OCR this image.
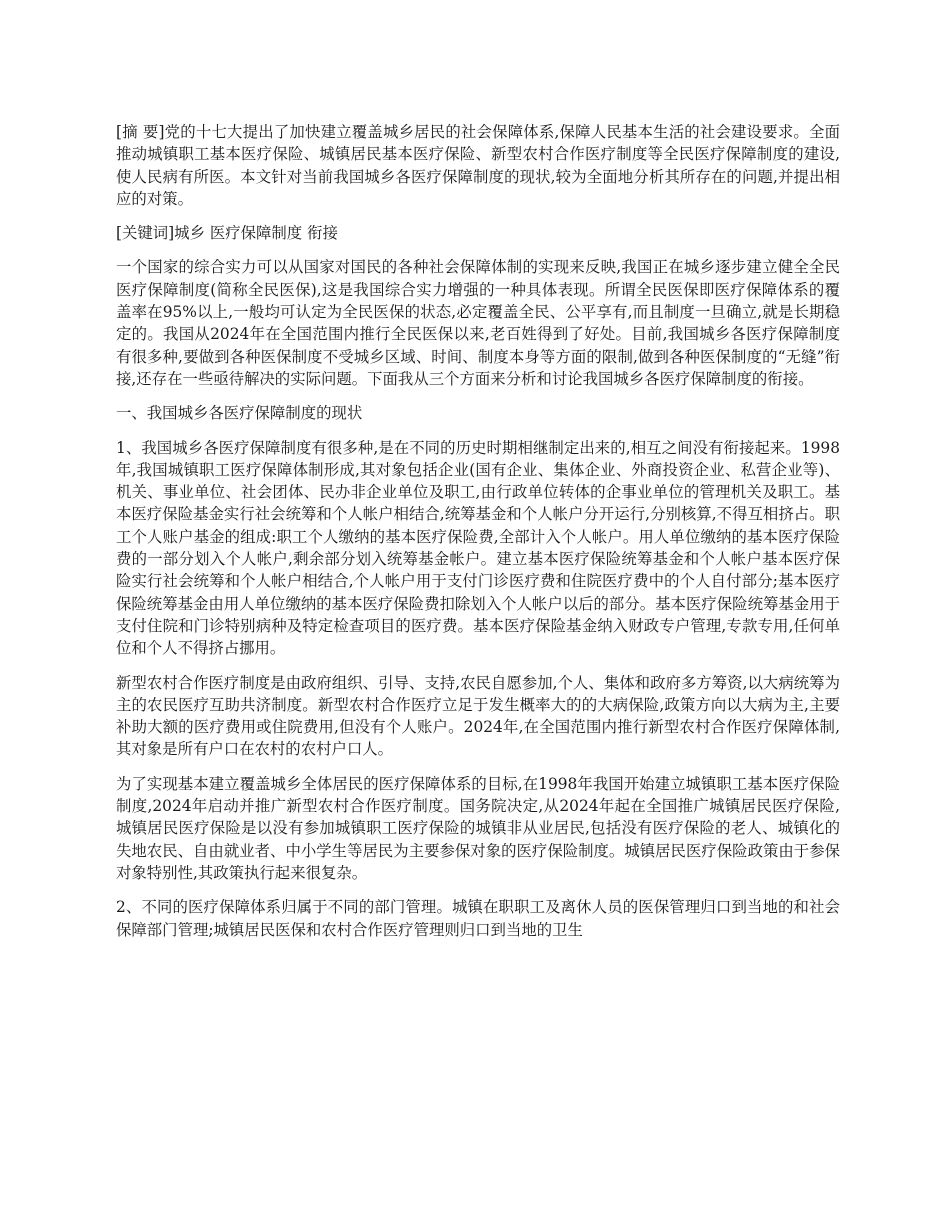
[摘 要]党的十七大提出了加快建立覆盖城乡居民的社会保障体系,保障人民基本生活的社会建设要求。全面推动城镇职工基本医疗保险、城镇居民基本医疗保险、新型农村合作医疗制度等全民医疗保障制度的建设,使人民病有所医。本文针对当前我国城乡各医疗保障制度的现状,较为全面地分析其所存在的问题,并提出相应的对策。

[关键词]城乡 医疗保障制度 衔接

一个国家的综合实力可以从国家对国民的各种社会保障体制的实现来反映,我国正在城乡逐步建立健全全民医疗保障制度(简称全民医保),这是我国综合实力增强的一种具体表现。所谓全民医保即医疗保障体系的覆盖率在95%以上,一般均可认定为全民医保的状态,必定覆盖全民、公平享有,而且制度一旦确立,就是长期稳定的。我国从2024年在全国范围内推行全民医保以来,老百姓得到了好处。目前,我国城乡各医疗保障制度有很多种,要做到各种医保制度不受城乡区域、时间、制度本身等方面的限制,做到各种医保制度的“无缝”衔接,还存在一些亟待解决的实际问题。下面我从三个方面来分析和讨论我国城乡各医疗保障制度的衔接。

一、我国城乡各医疗保障制度的现状

1、我国城乡各医疗保障制度有很多种,是在不同的历史时期相继制定出来的,相互之间没有衔接起来。1998年,我国城镇职工医疗保障体制形成,其对象包括企业(国有企业、集体企业、外商投资企业、私营企业等)、机关、事业单位、社会团体、民办非企业单位及职工,由行政单位转体的企事业单位的管理机关及职工。基本医疗保险基金实行社会统筹和个人帐户相结合,统筹基金和个人帐户分开运行,分别核算,不得互相挤占。职工个人账户基金的组成:职工个人缴纳的基本医疗保险费,全部计入个人帐户。用人单位缴纳的基本医疗保险费的一部分划入个人帐户,剩余部分划入统筹基金帐户。建立基本医疗保险统筹基金和个人帐户基本医疗保险实行社会统筹和个人帐户相结合,个人帐户用于支付门诊医疗费和住院医疗费中的个人自付部分;基本医疗保险统筹基金由用人单位缴纳的基本医疗保险费扣除划入个人帐户以后的部分。基本医疗保险统筹基金用于支付住院和门诊特别病种及特定检查项目的医疗费。基本医疗保险基金纳入财政专户管理,专款专用,任何单位和个人不得挤占挪用。

新型农村合作医疗制度是由政府组织、引导、支持,农民自愿参加,个人、集体和政府多方筹资,以大病统筹为主的农民医疗互助共济制度。新型农村合作医疗立足于发生概率大的的大病保险,政策方向以大病为主,主要补助大额的医疗费用或住院费用,但没有个人账户。2024年,在全国范围内推行新型农村合作医疗保障体制,其对象是所有户口在农村的农村户口人。

为了实现基本建立覆盖城乡全体居民的医疗保障体系的目标,在1998年我国开始建立城镇职工基本医疗保险制度,2024年启动并推广新型农村合作医疗制度。国务院决定,从2024年起在全国推广城镇居民医疗保险,城镇居民医疗保险是以没有参加城镇职工医疗保险的城镇非从业居民,包括没有医疗保险的老人、城镇化的失地农民、自由就业者、中小学生等居民为主要参保对象的医疗保险制度。城镇居民医疗保险政策由于参保对象特别性,其政策执行起来很复杂。

2、不同的医疗保障体系归属于不同的部门管理。城镇在职职工及离休人员的医保管理归口到当地的和社会保障部门管理;城镇居民医保和农村合作医疗管理则归口到当地的卫生
